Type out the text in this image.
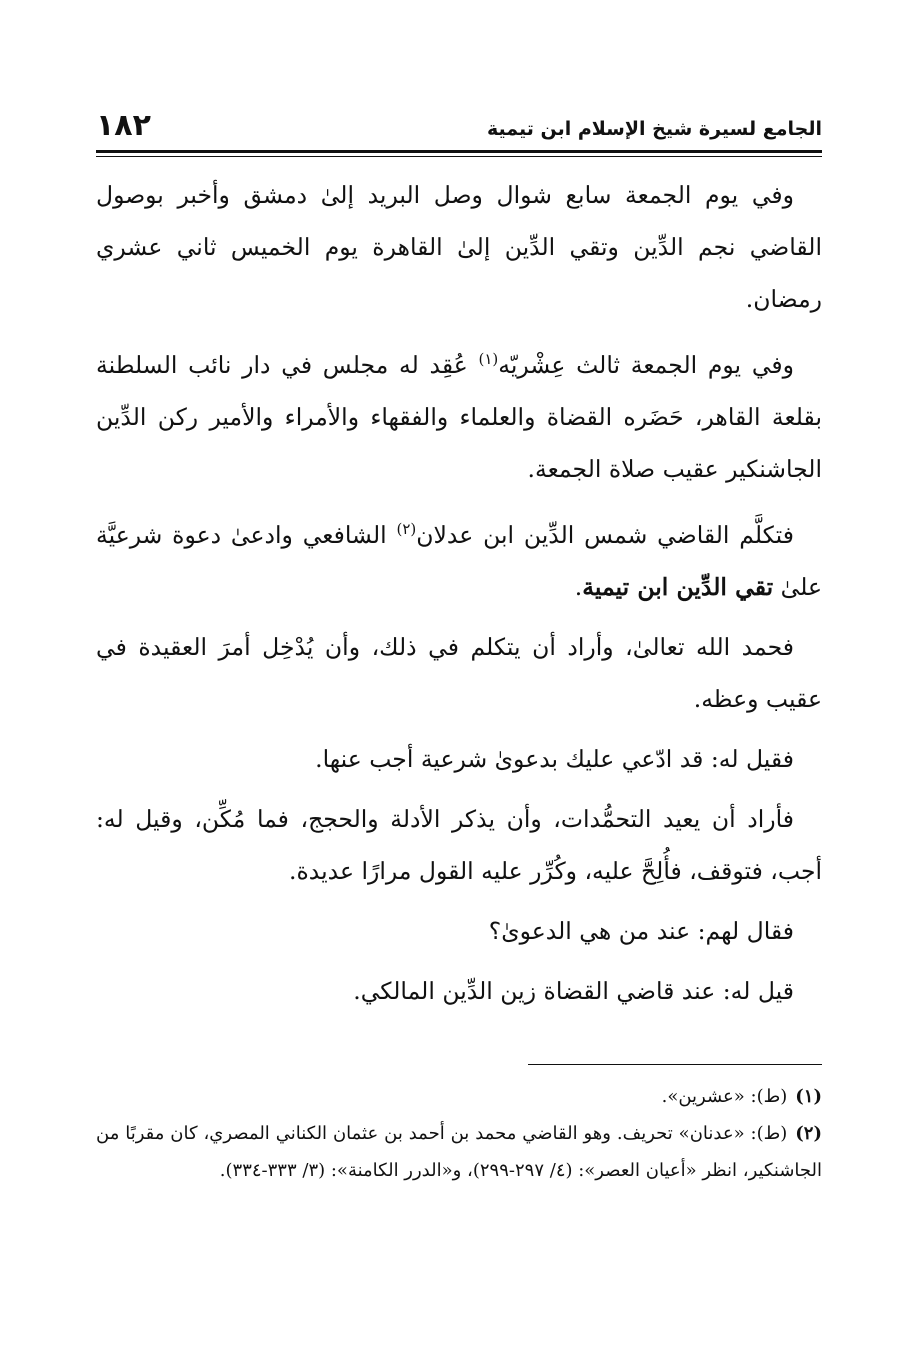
الجامع لسيرة شيخ الإسلام ابن تيمية
١٨٢

وفي يوم الجمعة سابع شوال وصل البريد إلىٰ دمشق وأخبر بوصول القاضي نجم الدِّين وتقي الدِّين إلىٰ القاهرة يوم الخميس ثاني عشري رمضان.

وفي يوم الجمعة ثالث عِشْريّه$^{(١)}$ عُقِد له مجلس في دار نائب السلطنة بقلعة القاهر، حَضَره القضاة والعلماء والفقهاء والأمراء والأمير ركن الدِّين الجاشنكير عقيب صلاة الجمعة.

فتكلَّم القاضي شمس الدِّين ابن عدلان$^{(٢)}$ الشافعي وادعىٰ دعوة شرعيَّة علىٰ تقي الدِّين ابن تيمية.

فحمد الله تعالىٰ، وأراد أن يتكلم في ذلك، وأن يُدْخِل أمرَ العقيدة في عقيب وعظه.

فقيل له: قد ادّعي عليك بدعوىٰ شرعية أجب عنها.

فأراد أن يعيد التحمُّدات، وأن يذكر الأدلة والحجج، فما مُكِّن، وقيل له: أجب، فتوقف، فأُلِحَّ عليه، وكُرِّر عليه القول مرارًا عديدة.

فقال لهم: عند من هي الدعوىٰ؟

قيل له: عند قاضي القضاة زين الدِّين المالكي.

(١)(ط): «عشرين».

(٢)(ط): «عدنان» تحريف. وهو القاضي محمد بن أحمد بن عثمان الكناني المصري، كان مقربًا من الجاشنكير، انظر «أعيان العصر»: (٤/ ٢٩٧-٢٩٩)، و«الدرر الكامنة»: (٣/ ٣٣٣-٣٣٤).
